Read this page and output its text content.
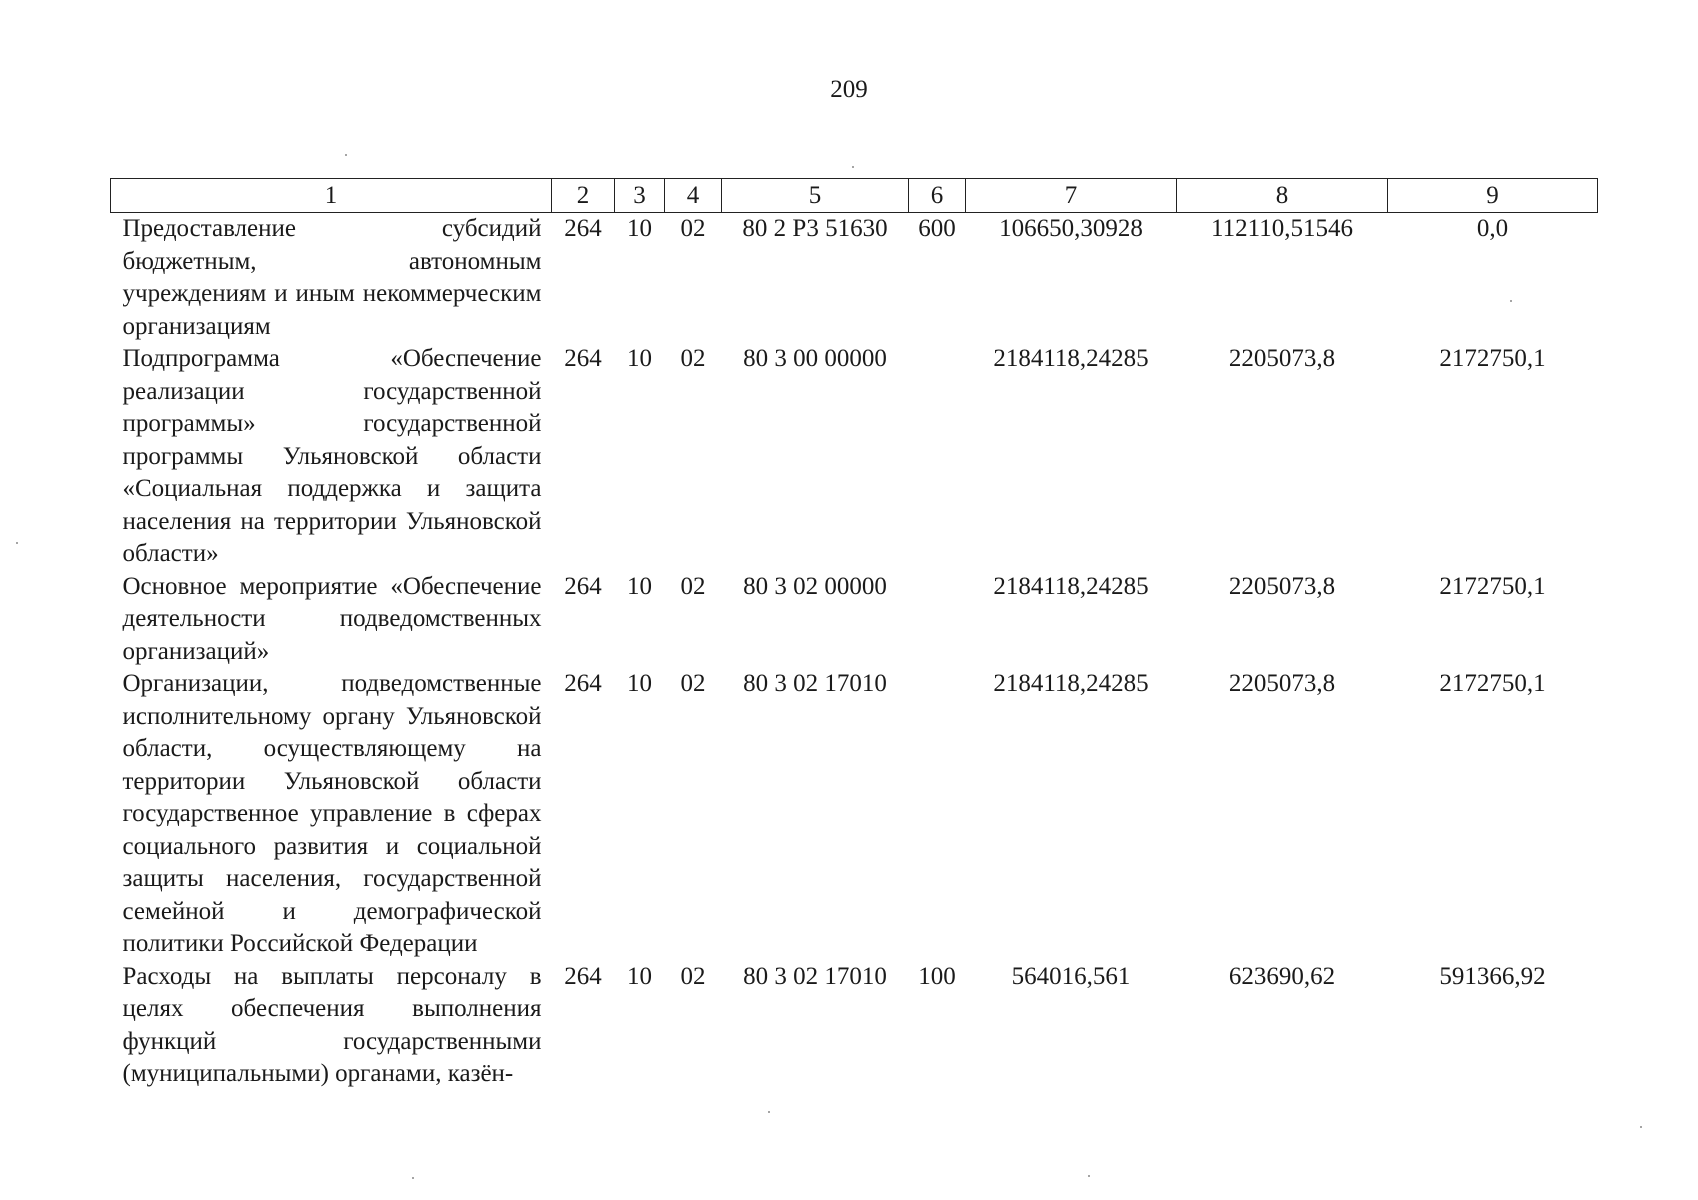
209
1	2	3	4	5	6	7	8	9
Предоставление субсидий бюджетным, автономным учреждениям и иным некоммерческим организациям	264	10	02	80 2 Р3 51630	600	106650,30928	112110,51546	0,0
Подпрограмма «Обеспечение реализации государственной программы» государственной программы Ульяновской области «Социальная поддержка и защита населения на территории Ульяновской области»	264	10	02	80 3 00 00000		2184118,24285	2205073,8	2172750,1
Основное мероприятие «Обеспечение деятельности подведомственных организаций»	264	10	02	80 3 02 00000		2184118,24285	2205073,8	2172750,1
Организации, подведомственные исполнительному органу Ульяновской области, осуществляющему на территории Ульяновской области государственное управление в сферах социального развития и социальной защиты населения, государственной семейной и демографической политики Российской Федерации	264	10	02	80 3 02 17010		2184118,24285	2205073,8	2172750,1
Расходы на выплаты персоналу в целях обеспечения выполнения функций государственными (муниципальными) органами, казён-	264	10	02	80 3 02 17010	100	564016,561	623690,62	591366,92
